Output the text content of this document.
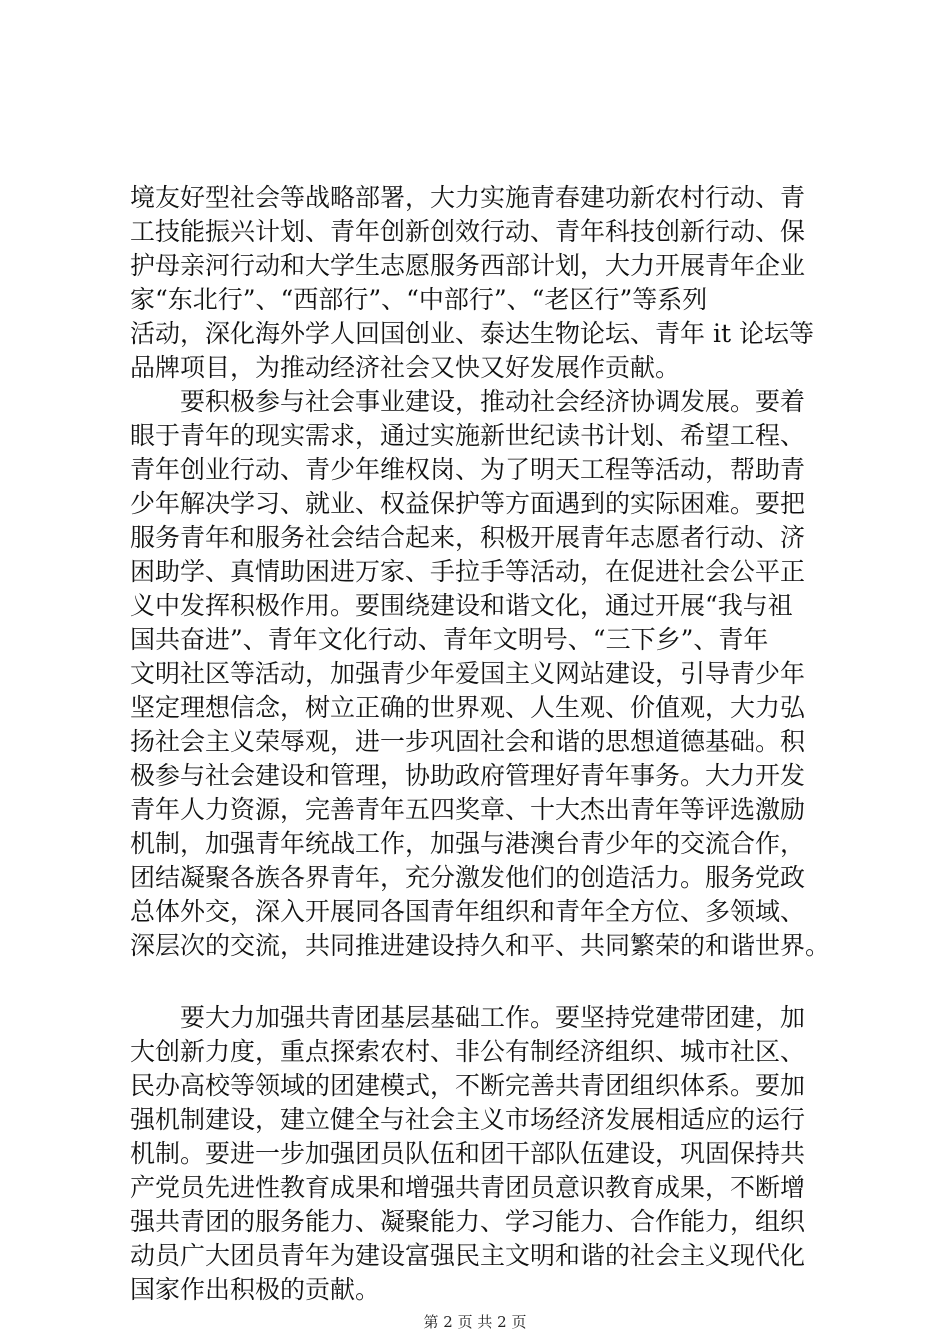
境友好型社会等战略部署，大力实施青春建功新农村行动、青
工技能振兴计划、青年创新创效行动、青年科技创新行动、保
护母亲河行动和大学生志愿服务西部计划，大力开展青年企业
家“东北行”、“西部行”、“中部行”、“老区行”等系列
活动，深化海外学人回国创业、泰达生物论坛、青年 it 论坛等
品牌项目，为推动经济社会又快又好发展作贡献。
　　要积极参与社会事业建设，推动社会经济协调发展。要着
眼于青年的现实需求，通过实施新世纪读书计划、希望工程、
青年创业行动、青少年维权岗、为了明天工程等活动，帮助青
少年解决学习、就业、权益保护等方面遇到的实际困难。要把
服务青年和服务社会结合起来，积极开展青年志愿者行动、济
困助学、真情助困进万家、手拉手等活动，在促进社会公平正
义中发挥积极作用。要围绕建设和谐文化，通过开展“我与祖
国共奋进”、青年文化行动、青年文明号、“三下乡”、青年
文明社区等活动，加强青少年爱国主义网站建设，引导青少年
坚定理想信念，树立正确的世界观、人生观、价值观，大力弘
扬社会主义荣辱观，进一步巩固社会和谐的思想道德基础。积
极参与社会建设和管理，协助政府管理好青年事务。大力开发
青年人力资源，完善青年五四奖章、十大杰出青年等评选激励
机制，加强青年统战工作，加强与港澳台青少年的交流合作，
团结凝聚各族各界青年，充分激发他们的创造活力。服务党政
总体外交，深入开展同各国青年组织和青年全方位、多领域、
深层次的交流，共同推进建设持久和平、共同繁荣的和谐世界。
　　要大力加强共青团基层基础工作。要坚持党建带团建，加
大创新力度，重点探索农村、非公有制经济组织、城市社区、
民办高校等领域的团建模式，不断完善共青团组织体系。要加
强机制建设，建立健全与社会主义市场经济发展相适应的运行
机制。要进一步加强团员队伍和团干部队伍建设，巩固保持共
产党员先进性教育成果和增强共青团员意识教育成果，不断增
强共青团的服务能力、凝聚能力、学习能力、合作能力，组织
动员广大团员青年为建设富强民主文明和谐的社会主义现代化
国家作出积极的贡献。
第 2 页 共 2 页
